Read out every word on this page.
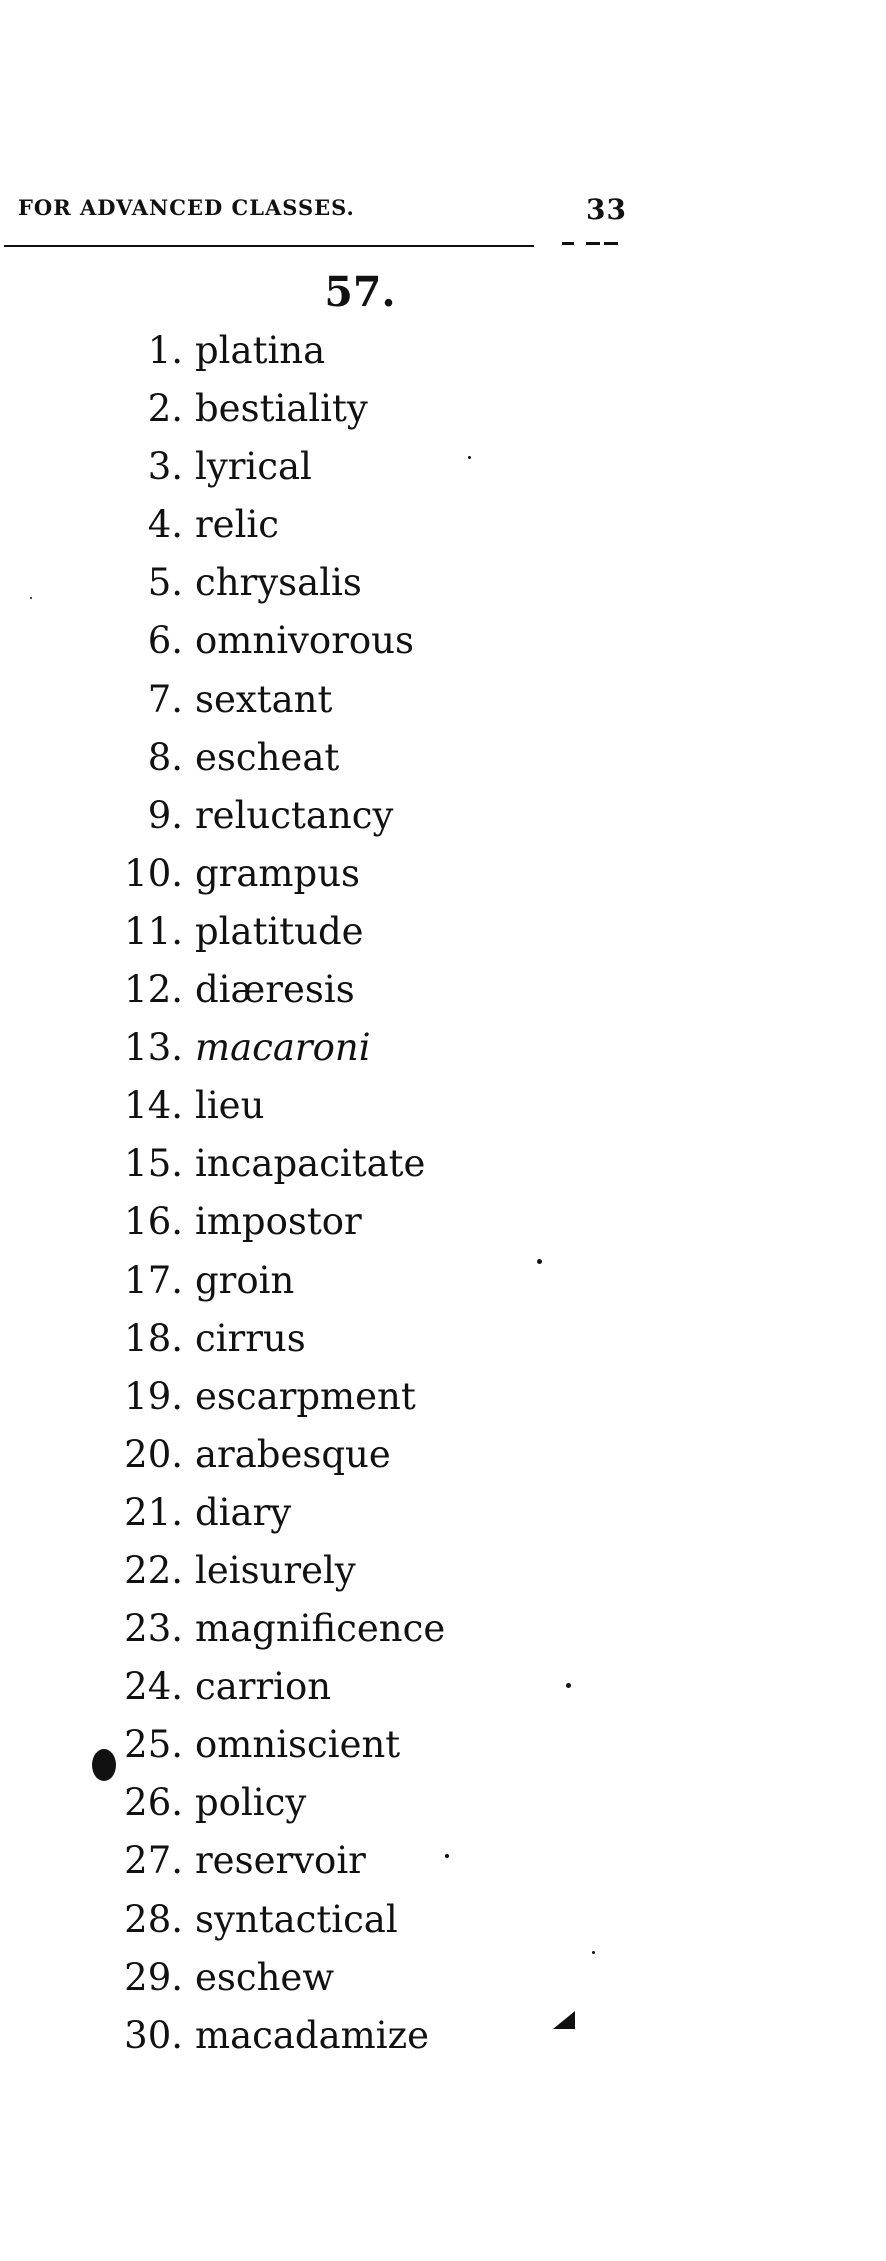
FOR ADVANCED CLASSES.	33
57.
1. platina
2. bestiality
3. lyrical
4. relic
5. chrysalis
6. omnivorous
7. sextant
8. escheat
9. reluctancy
10. grampus
11. platitude
12. diæresis
13. macaroni
14. lieu
15. incapacitate
16. impostor
17. groin
18. cirrus
19. escarpment
20. arabesque
21. diary
22. leisurely
23. magnificence
24. carrion
25. omniscient
26. policy
27. reservoir
28. syntactical
29. eschew
30. macadamize
